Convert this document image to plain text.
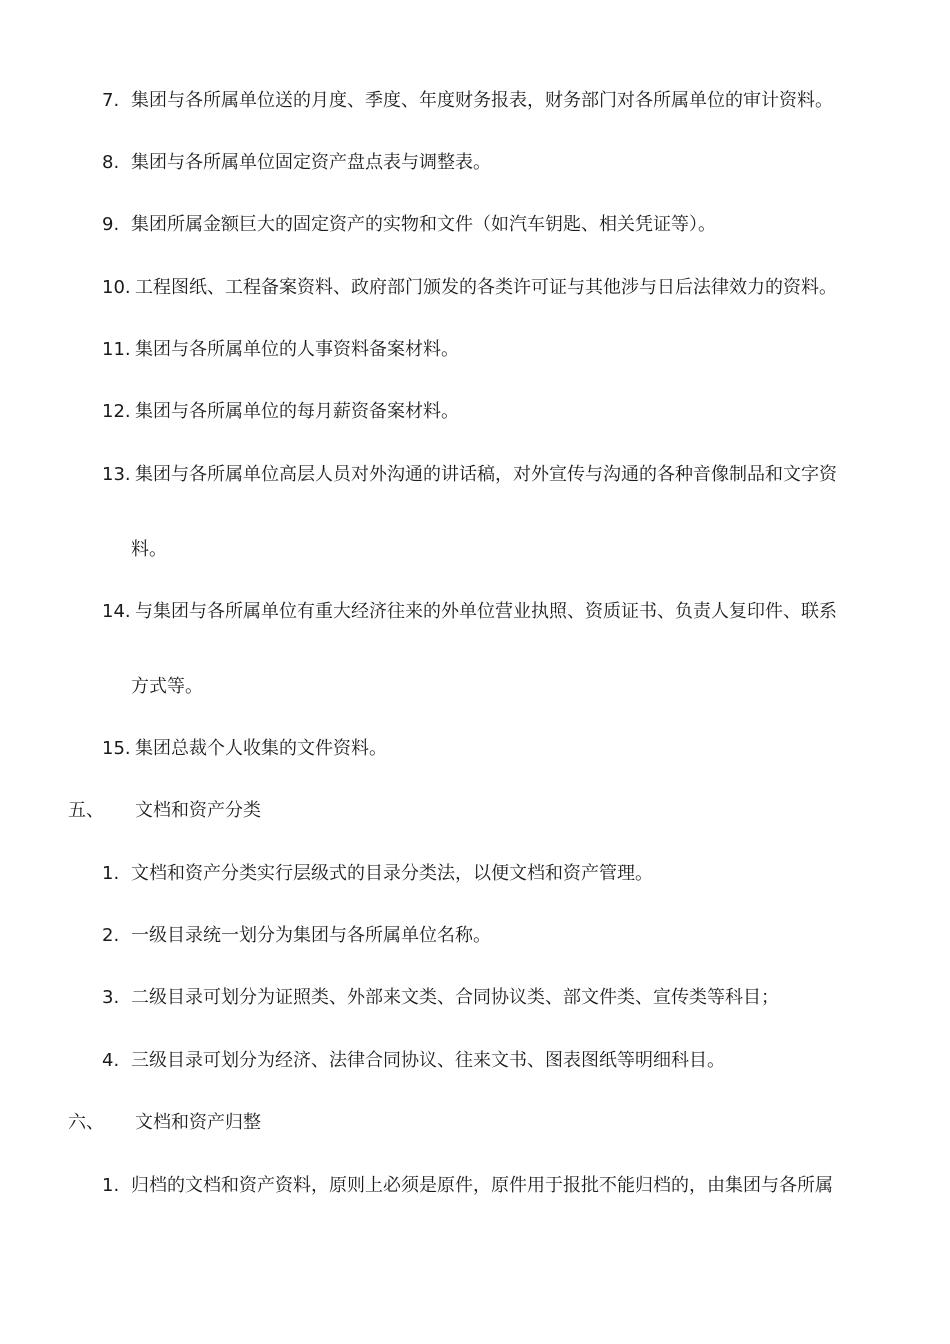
7. 集团与各所属单位送的月度、季度、年度财务报表，财务部门对各所属单位的审计资料。
8. 集团与各所属单位固定资产盘点表与调整表。
9. 集团所属金额巨大的固定资产的实物和文件（如汽车钥匙、相关凭证等）。
10. 工程图纸、工程备案资料、政府部门颁发的各类许可证与其他涉与日后法律效力的资料。
11. 集团与各所属单位的人事资料备案材料。
12. 集团与各所属单位的每月薪资备案材料。
13. 集团与各所属单位高层人员对外沟通的讲话稿，对外宣传与沟通的各种音像制品和文字资
料。
14. 与集团与各所属单位有重大经济往来的外单位营业执照、资质证书、负责人复印件、联系
方式等。
15. 集团总裁个人收集的文件资料。
五、 文档和资产分类
1. 文档和资产分类实行层级式的目录分类法，以便文档和资产管理。
2. 一级目录统一划分为集团与各所属单位名称。
3. 二级目录可划分为证照类、外部来文类、合同协议类、部文件类、宣传类等科目；
4. 三级目录可划分为经济、法律合同协议、往来文书、图表图纸等明细科目。
六、 文档和资产归整
1. 归档的文档和资产资料，原则上必须是原件，原件用于报批不能归档的，由集团与各所属
